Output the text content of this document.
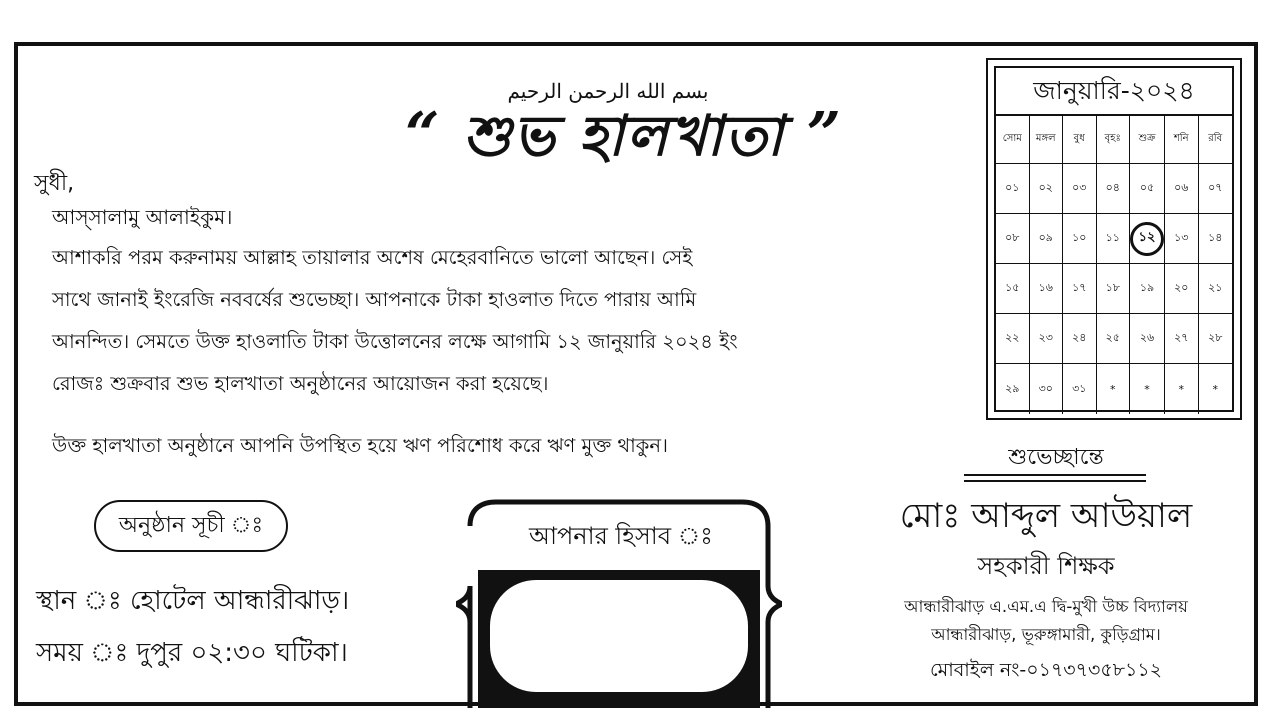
بسم الله الرحمن الرحيم
“ শুভ হালখাতা ”
সুধী,
আস্‌সালামু আলাইকুম।
আশাকরি পরম করুনাময় আল্লাহ তায়ালার অশেষ মেহেরবানিতে ভালো আছেন। সেই
সাথে জানাই ইংরেজি নববর্ষের শুভেচ্ছা। আপনাকে টাকা হাওলাত দিতে পারায় আমি
আনন্দিত। সেমতে উক্ত হাওলাতি টাকা উত্তোলনের লক্ষে আগামি ১২ জানুয়ারি ২০২৪ ইং
রোজঃ শুক্রবার শুভ হালখাতা অনুষ্ঠানের আয়োজন করা হয়েছে।
উক্ত হালখাতা অনুষ্ঠানে আপনি উপস্থিত হয়ে ঋণ পরিশোধ করে ঋণ মুক্ত থাকুন।
জানুয়ারি-২০২৪
সোম	মঙ্গল	বুধ	বৃহঃ	শুক্র	শনি	রবি
০১	০২	০৩	০৪	০৫	০৬	০৭
০৮	০৯	১০	১১	১২	১৩	১৪
১৫	১৬	১৭	১৮	১৯	২০	২১
২২	২৩	২৪	২৫	২৬	২৭	২৮
২৯	৩০	৩১	*	*	*	*
শুভেচ্ছান্তে
মোঃ আব্দুল আউয়াল
সহকারী শিক্ষক
আন্ধারীঝাড় এ.এম.এ দ্বি-মুখী উচ্চ বিদ্যালয়
আন্ধারীঝাড়, ভূরুঙ্গামারী, কুড়িগ্রাম।
মোবাইল নং-০১৭৩৭৩৫৮১১২
অনুষ্ঠান সূচী ঃ
স্থান ঃ হোটেল আন্ধারীঝাড়।
সময় ঃ দুপুর ০২:৩০ ঘটিকা।
আপনার হিসাব ঃ
